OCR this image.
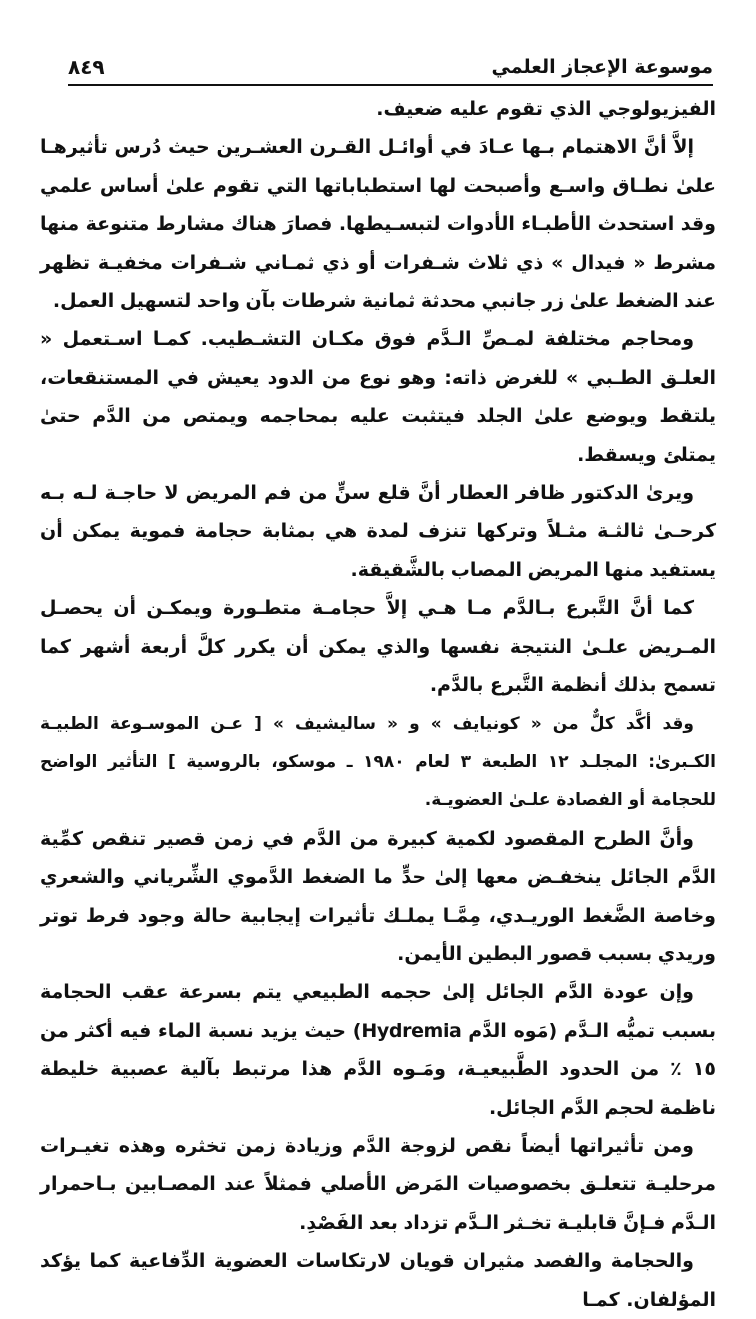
موسوعة الإعجاز العلمي
٨٤٩

الفيزيولوجي الذي تقوم عليه ضعيف.

إلاَّ أنَّ الاهتمام بـها عـادَ في أوائـل القـرن العشـرين حيث دُرس تأثيرهـا علىٰ نطـاق واسـع وأصبحت لها استطباباتها التي تقوم علىٰ أساس علمي وقد استحدث الأطبـاء الأدوات لتبسـيطها. فصارَ هناك مشارط متنوعة منها مشرط « فيدال » ذي ثلاث شـفرات أو ذي ثمـاني شـفرات مخفيـة تظهر عند الضغط علىٰ زر جانبي محدثة ثمانية شرطات بآن واحد لتسهيل العمل.

ومحاجم مختلفة لمـصِّ الـدَّم فوق مكـان التشـطيب. كمـا اسـتعمل « العلـق الطـبي » للغرض ذاته: وهو نوع من الدود يعيش في المستنقعات، يلتقط ويوضع علىٰ الجلد فيتثبت عليه بمحاجمه ويمتص من الدَّم حتىٰ يمتلئ ويسقط.

ويرىٰ الدكتور ظافر العطار أنَّ قلع سنٍّ من فم المريض لا حاجـة لـه بـه كرحـىٰ ثالثـة مثـلاً وتركها تنزف لمدة هي بمثابة حجامة فموية يمكن أن يستفيد منها المريض المصاب بالشَّقيقة.

كما أنَّ التَّبرع بـالدَّم مـا هـي إلاَّ حجامـة متطـورة ويمكـن أن يحصـل المـريض علـىٰ النتيجة نفسها والذي يمكن أن يكرر كلَّ أربعة أشهر كما تسمح بذلك أنظمة التَّبرع بالدَّم.

وقد أكَّد كلٌّ من « كونيايف » و « ساليشيف » [ عـن الموسـوعة الطبيـة الكـبرىٰ: المجلـد ١٢ الطبعة ٣ لعام ١٩٨٠ ـ موسكو، بالروسية ] التأثير الواضح للحجامة أو الفصادة علـىٰ العضويـة.

وأنَّ الطرح المقصود لكمية كبيرة من الدَّم في زمن قصير تنقص كمِّية الدَّم الجائل ينخفـض معها إلىٰ حدٍّ ما الضغط الدَّموي الشِّرياني والشعري وخاصة الضَّغط الوريـدي، مِمَّـا يملـك تأثيرات إيجابية حالة وجود فرط توتر وريدي بسبب قصور البطين الأيمن.

وإن عودة الدَّم الجائل إلىٰ حجمه الطبيعي يتم بسرعة عقب الحجامة بسبب تميُّه الـدَّم (مَوه الدَّم Hydremia) حيث يزيد نسبة الماء فيه أكثر من ١٥ ٪ من الحدود الطَّبيعيـة، ومَـوه الدَّم هذا مرتبط بآلية عصبية خليطة ناظمة لحجم الدَّم الجائل.

ومن تأثيراتها أيضاً نقص لزوجة الدَّم وزيادة زمن تخثره وهذه تغيـرات مرحليـة تتعلـق بخصوصيات المَرض الأصلي فمثلاً عند المصـابين بـاحمرار الـدَّم فـإنَّ قابليـة تخـثر الـدَّم تزداد بعد الفَصْدِ.

والحجامة والفصد مثيران قويان لارتكاسات العضوية الدِّفاعية كما يؤكد المؤلفان. كمـا
